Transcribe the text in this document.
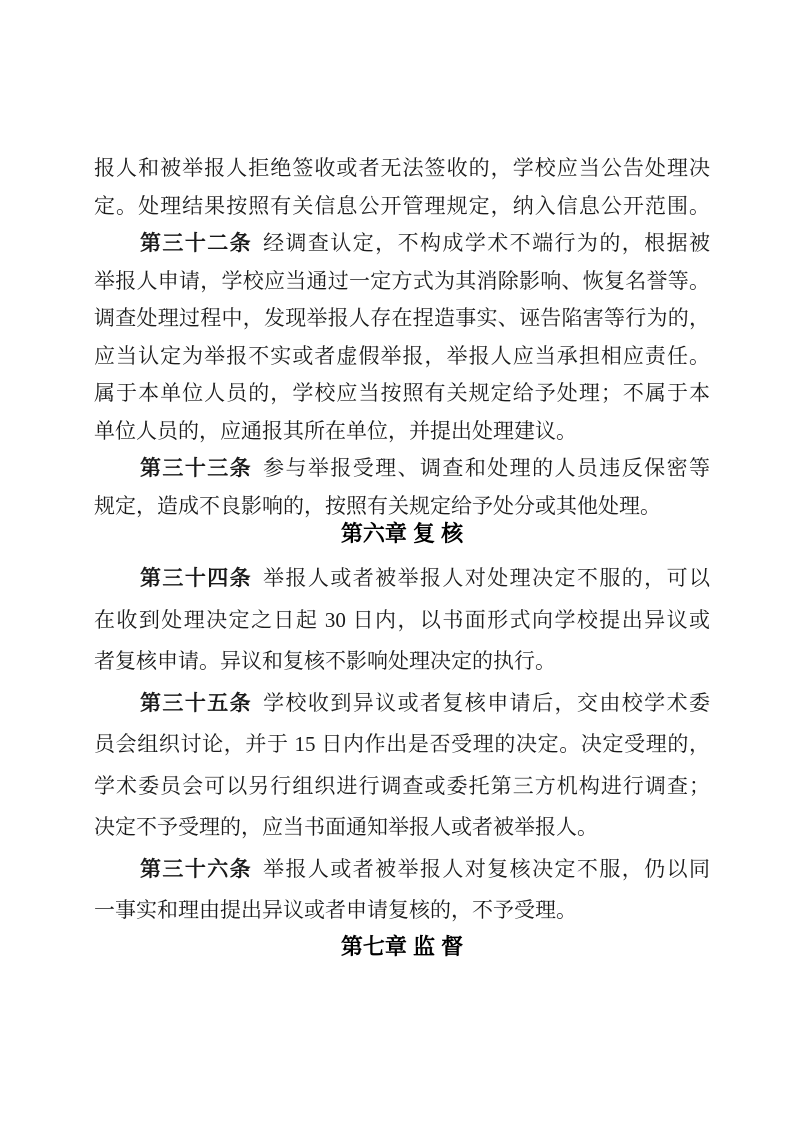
报人和被举报人拒绝签收或者无法签收的，学校应当公告处理决
定。处理结果按照有关信息公开管理规定，纳入信息公开范围。
第三十二条 经调查认定，不构成学术不端行为的，根据被
举报人申请，学校应当通过一定方式为其消除影响、恢复名誉等。
调查处理过程中，发现举报人存在捏造事实、诬告陷害等行为的，
应当认定为举报不实或者虚假举报，举报人应当承担相应责任。
属于本单位人员的，学校应当按照有关规定给予处理；不属于本
单位人员的，应通报其所在单位，并提出处理建议。
第三十三条 参与举报受理、调查和处理的人员违反保密等
规定，造成不良影响的，按照有关规定给予处分或其他处理。
第六章 复 核
第三十四条 举报人或者被举报人对处理决定不服的，可以
在收到处理决定之日起 30 日内，以书面形式向学校提出异议或
者复核申请。异议和复核不影响处理决定的执行。
第三十五条 学校收到异议或者复核申请后，交由校学术委
员会组织讨论，并于 15 日内作出是否受理的决定。决定受理的，
学术委员会可以另行组织进行调查或委托第三方机构进行调查；
决定不予受理的，应当书面通知举报人或者被举报人。
第三十六条 举报人或者被举报人对复核决定不服，仍以同
一事实和理由提出异议或者申请复核的，不予受理。
第七章 监 督
